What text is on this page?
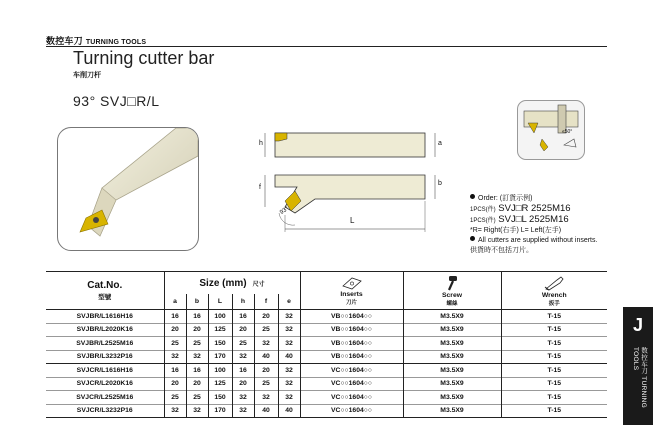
数控车刀 TURNING TOOLS
Turning cutter bar
车削刀杆
93° SVJ□R/L
h	a
f
b
L
93°
≤50°
Order: (訂貨示例)
1PCS(件) SVJ□R 2525M16
1PCS(件) SVJ□L 2525M16
*R= Right(右手) L= Left(左手)
All cutters are supplied without inserts.
供貨時不包括刀片。
Cat.No.
型號	Size (mm) 尺寸						Inserts
刀片	Screw
螺絲	Wrench
扳手

	a	b	L	h	f	e			
SVJBR/L1616H16	16	16	100	16	20	32	VB○○1604○○	M3.5X9	T-15
SVJBR/L2020K16	20	20	125	20	25	32	VB○○1604○○	M3.5X9	T-15
SVJBR/L2525M16	25	25	150	25	32	32	VB○○1604○○	M3.5X9	T-15
SVJBR/L3232P16	32	32	170	32	40	40	VB○○1604○○	M3.5X9	T-15
SVJCR/L1616H16	16	16	100	16	20	32	VC○○1604○○	M3.5X9	T-15
SVJCR/L2020K16	20	20	125	20	25	32	VC○○1604○○	M3.5X9	T-15
SVJCR/L2525M16	25	25	150	32	32	32	VC○○1604○○	M3.5X9	T-15
SVJCR/L3232P16	32	32	170	32	40	40	VC○○1604○○	M3.5X9	T-15
J
数控车刀 TURNING TOOLS
